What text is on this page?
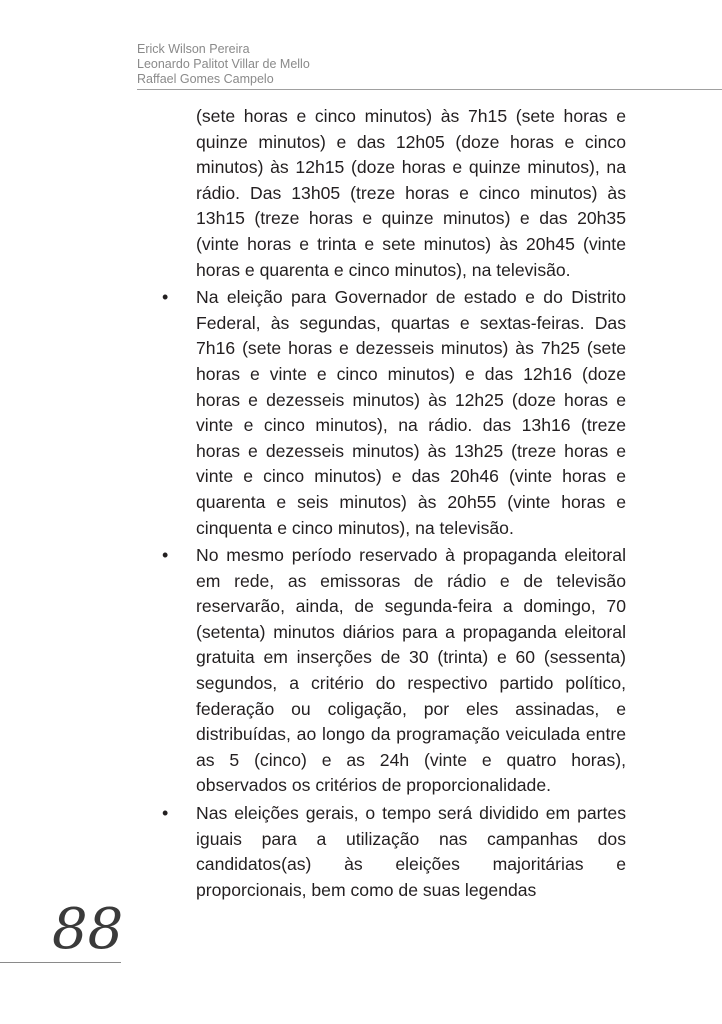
Erick Wilson Pereira
Leonardo Palitot Villar de Mello
Raffael Gomes Campelo

(sete horas e cinco minutos) às 7h15 (sete horas e quinze minutos) e das 12h05 (doze horas e cinco minutos) às 12h15 (doze horas e quinze minutos), na rádio. Das 13h05 (treze horas e cinco minutos) às 13h15 (treze horas e quinze minutos) e das 20h35 (vinte horas e trinta e sete minutos) às 20h45 (vinte horas e quarenta e cinco minutos), na televisão.

• Na eleição para Governador de estado e do Distrito Federal, às segundas, quartas e sextas-feiras. Das 7h16 (sete horas e dezesseis minutos) às 7h25 (sete horas e vinte e cinco minutos) e das 12h16 (doze horas e dezesseis minutos) às 12h25 (doze horas e vinte e cinco minutos), na rádio. das 13h16 (treze horas e dezesseis minutos) às 13h25 (treze horas e vinte e cinco minutos) e das 20h46 (vinte horas e quarenta e seis minutos) às 20h55 (vinte horas e cinquenta e cinco minutos), na televisão.

• No mesmo período reservado à propaganda eleitoral em rede, as emissoras de rádio e de televisão reservarão, ainda, de segunda-feira a domingo, 70 (setenta) minutos diários para a propaganda eleitoral gratuita em inserções de 30 (trinta) e 60 (sessenta) segundos, a critério do respectivo partido político, federação ou coligação, por eles assinadas, e distribuídas, ao longo da programação veiculada entre as 5 (cinco) e as 24h (vinte e quatro horas), observados os critérios de proporcionalidade.

• Nas eleições gerais, o tempo será dividido em partes iguais para a utilização nas campanhas dos candidatos(as) às eleições majoritárias e proporcionais, bem como de suas legendas

88
